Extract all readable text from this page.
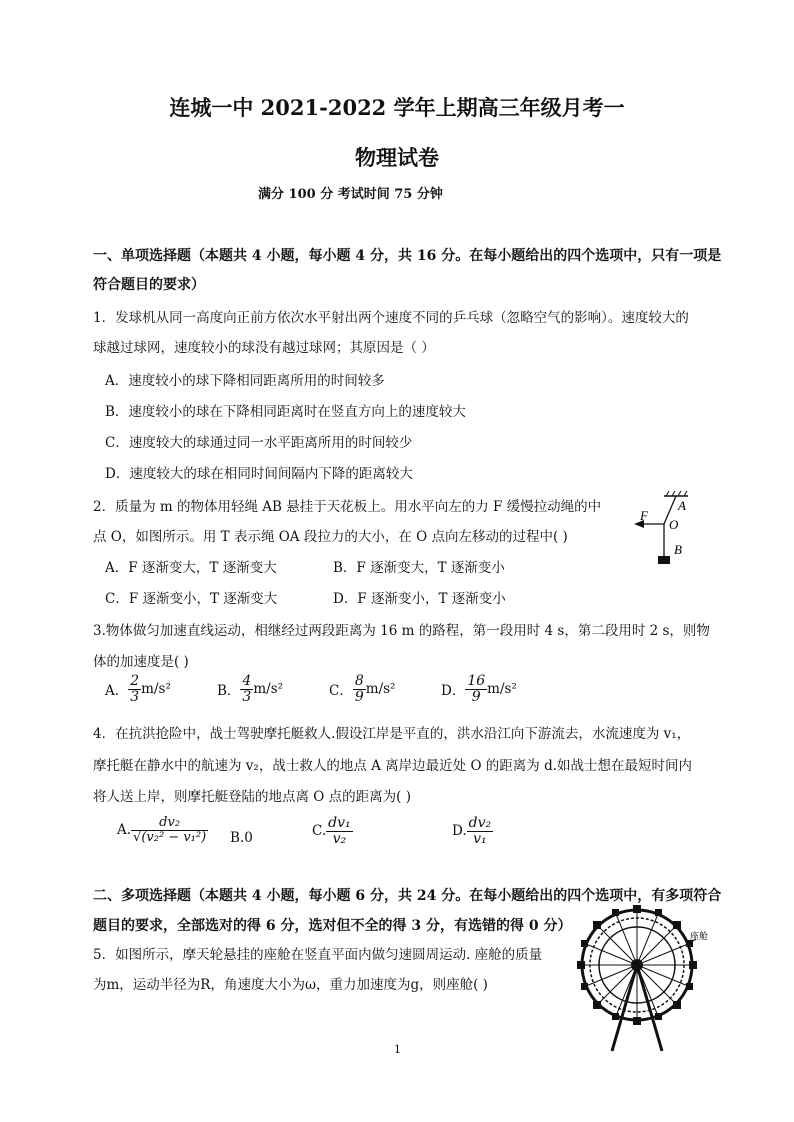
连城一中 2021-2022 学年上期高三年级月考一
物理试卷
满分 100 分 考试时间 75 分钟
一、单项选择题（本题共 4 小题，每小题 4 分，共 16 分。在每小题给出的四个选项中，只有一项是
符合题目的要求）
1．发球机从同一高度向正前方依次水平射出两个速度不同的乒乓球（忽略空气的影响）。速度较大的
球越过球网，速度较小的球没有越过球网；其原因是（ ）
A．速度较小的球下降相同距离所用的时间较多
B．速度较小的球在下降相同距离时在竖直方向上的速度较大
C．速度较大的球通过同一水平距离所用的时间较少
D．速度较大的球在相同时间间隔内下降的距离较大
2．质量为 m 的物体用轻绳 AB 悬挂于天花板上。用水平向左的力 F 缓慢拉动绳的中
点 O，如图所示。用 T 表示绳 OA 段拉力的大小，在 O 点向左移动的过程中( )
A．F 逐渐变大，T 逐渐变大	B．F 逐渐变大，T 逐渐变小
C．F 逐渐变小，T 逐渐变大	D．F 逐渐变小，T 逐渐变小
A
O
F
B
3.物体做匀加速直线运动，相继经过两段距离为 16 m 的路程，第一段用时 4 s，第二段用时 2 s，则物
体的加速度是( )
A． $\frac{2}{3} m/s^2$	B． $\frac{4}{3} m/s^2$	C． $\frac{8}{9} m/s^2$	D． $\frac{16}{9} m/s^2$
4．在抗洪抢险中，战士驾驶摩托艇救人.假设江岸是平直的，洪水沿江向下游流去，水流速度为 v₁，
摩托艇在静水中的航速为 v₂，战士救人的地点 A 离岸边最近处 O 的距离为 d.如战士想在最短时间内
将人送上岸，则摩托艇登陆的地点离 O 点的距离为( )
A. $\frac{\text{dv₂}}{\text{√(v₂² − v₁²)}} B.0$	C. $\frac{\text{dv₁}}{\text{v₂}}$	D. $\frac{\text{dv₂}}{\text{v₁}}$
二、多项选择题（本题共 4 小题，每小题 6 分，共 24 分。在每小题给出的四个选项中，有多项符合
题目的要求，全部选对的得 6 分，选对但不全的得 3 分，有选错的得 0 分）
5．如图所示，摩天轮悬挂的座舱在竖直平面内做匀速圆周运动. 座舱的质量
为m，运动半径为R，角速度大小为ω，重力加速度为g，则座舱( )
座舱
1
